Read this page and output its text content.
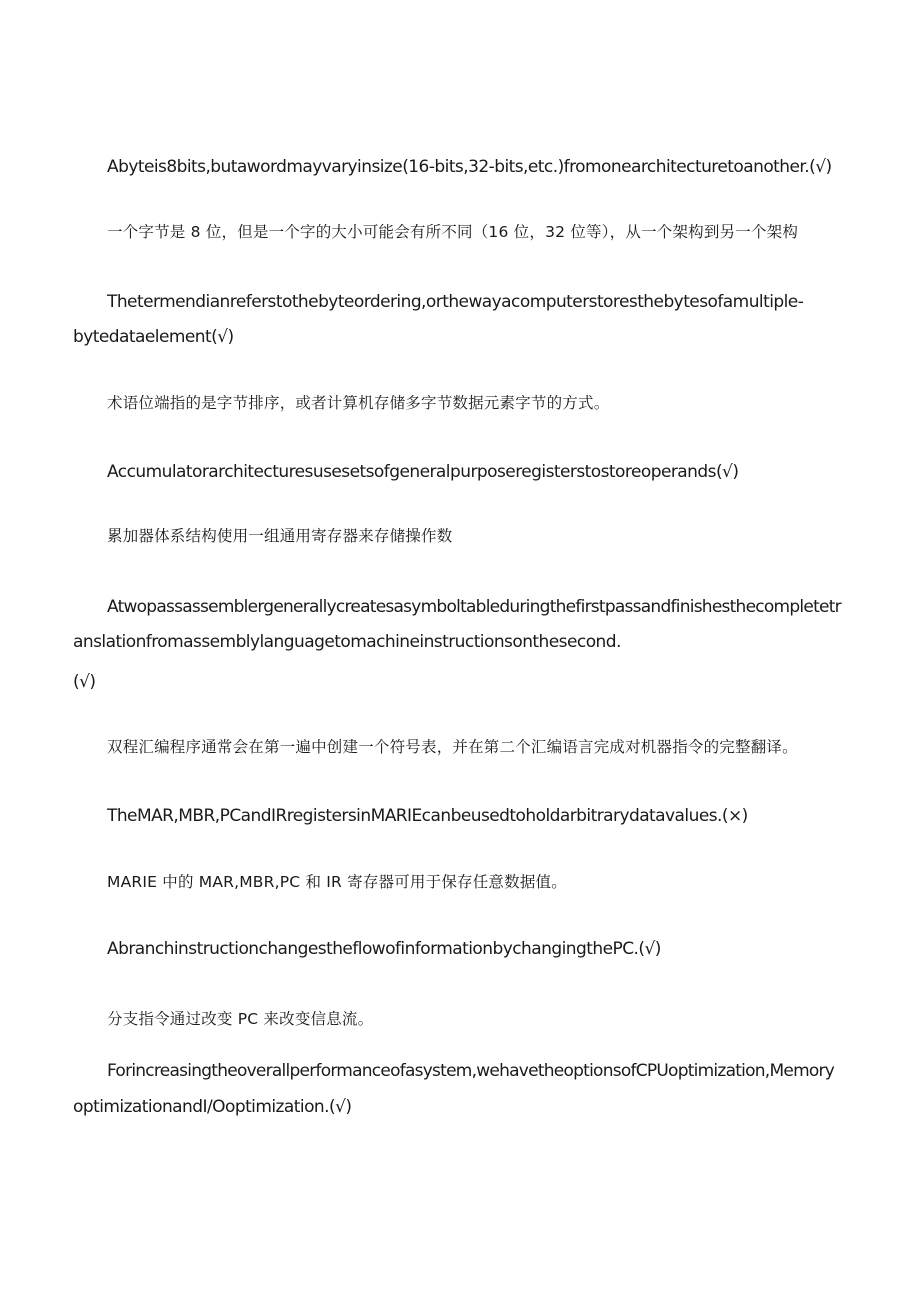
Abyteis8bits,butawordmayvaryinsize(16-bits,32-bits,etc.)fromonearchitecturetoanother.(√)
一个字节是 8 位，但是一个字的大小可能会有所不同（16 位，32 位等），从一个架构到另一个架构
Thetermendianreferstothebyteordering,orthewayacomputerstoresthebytesofamultiple-
bytedataelement(√)
术语位端指的是字节排序，或者计算机存储多字节数据元素字节的方式。
Accumulatorarchitecturesusesetsofgeneralpurposeregisterstostoreoperands(√)
累加器体系结构使用一组通用寄存器来存储操作数
Atwopassassemblergenerallycreatesasymboltableduringthefirstpassandfinishesthecompletetr
anslationfromassemblylanguagetomachineinstructionsonthesecond.
(√)
双程汇编程序通常会在第一遍中创建一个符号表，并在第二个汇编语言完成对机器指令的完整翻译。
TheMAR,MBR,PCandIRregistersinMARIEcanbeusedtoholdarbitrarydatavalues.(×)
MARIE 中的 MAR,MBR,PC 和 IR 寄存器可用于保存任意数据值。
AbranchinstructionchangestheflowofinformationbychangingthePC.(√)
分支指令通过改变 PC 来改变信息流。
Forincreasingtheoverallperformanceofasystem,wehavetheoptionsofCPUoptimization,Memory
optimizationandI/Ooptimization.(√)
